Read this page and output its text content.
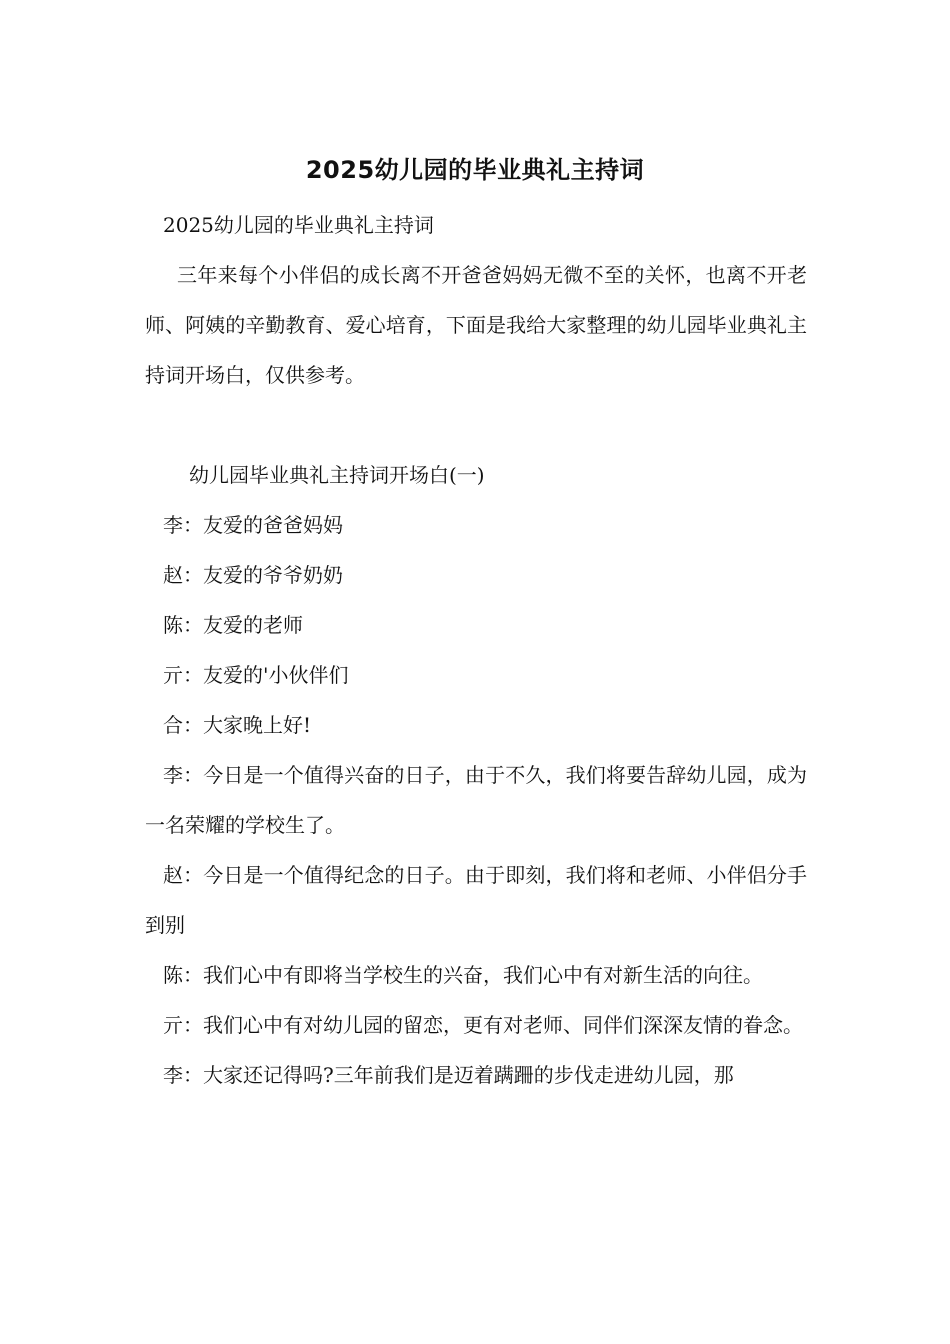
2025幼儿园的毕业典礼主持词

2025幼儿园的毕业典礼主持词

三年来每个小伴侣的成长离不开爸爸妈妈无微不至的关怀，也离不开老师、阿姨的辛勤教育、爱心培育，下面是我给大家整理的幼儿园毕业典礼主持词开场白，仅供参考。

幼儿园毕业典礼主持词开场白(一)

李：友爱的爸爸妈妈

赵：友爱的爷爷奶奶

陈：友爱的老师

亓：友爱的'小伙伴们

合：大家晚上好!

李：今日是一个值得兴奋的日子，由于不久，我们将要告辞幼儿园，成为一名荣耀的学校生了。

赵：今日是一个值得纪念的日子。由于即刻，我们将和老师、小伴侣分手到别

陈：我们心中有即将当学校生的兴奋，我们心中有对新生活的向往。

亓：我们心中有对幼儿园的留恋，更有对老师、同伴们深深友情的眷念。

李：大家还记得吗?三年前我们是迈着蹒跚的步伐走进幼儿园，那
